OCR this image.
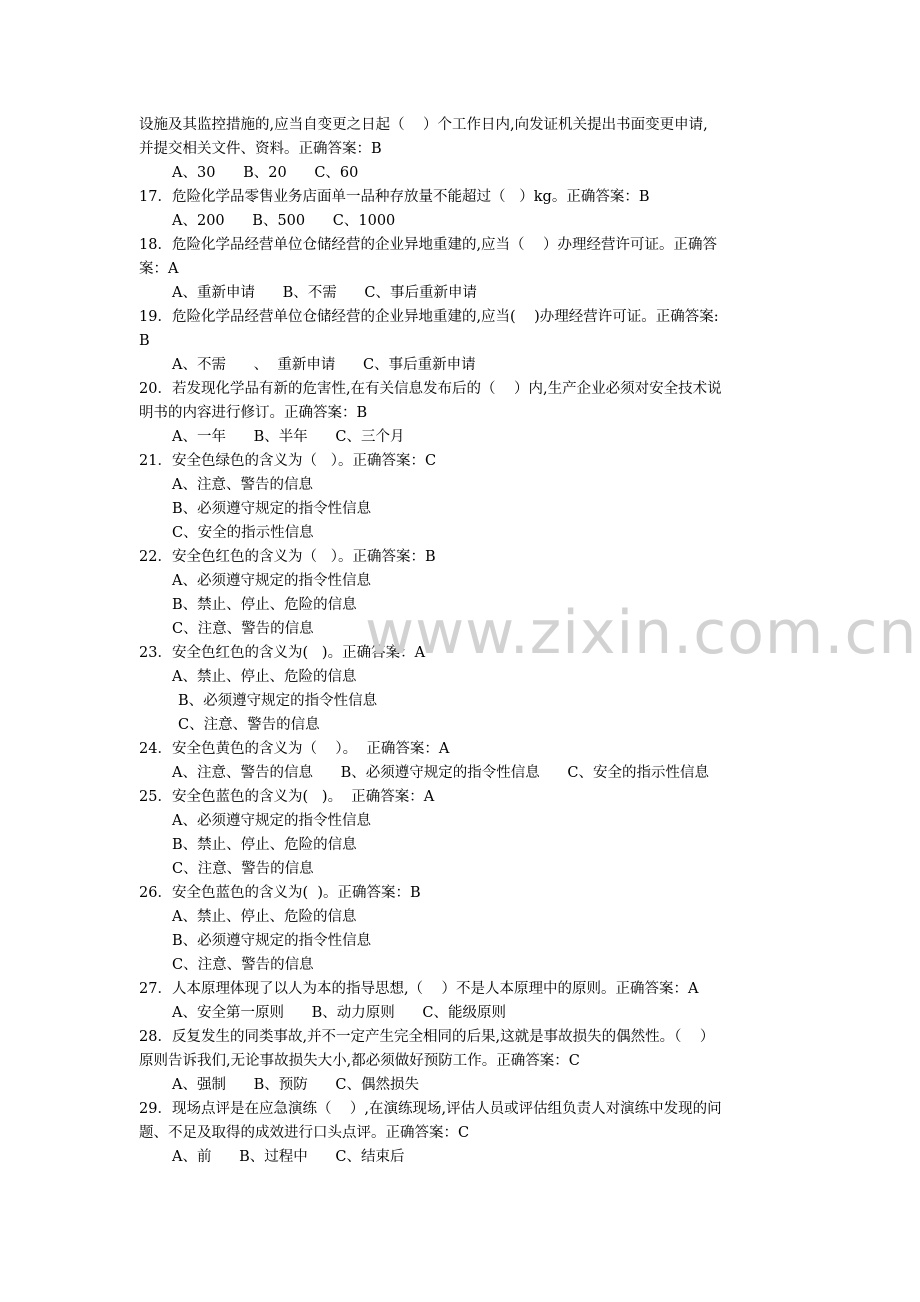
设施及其监控措施的,应当自变更之日起（    ）个工作日内,向发证机关提出书面变更申请,
并提交相关文件、资料。正确答案：B
A、30      B、20      C、60
17．危险化学品零售业务店面单一品种存放量不能超过（   ）kg。正确答案：B
A、200      B、500      C、1000
18．危险化学品经营单位仓储经营的企业异地重建的,应当（    ）办理经营许可证。正确答
案：A
A、重新申请      B、不需      C、事后重新申请
19．危险化学品经营单位仓储经营的企业异地重建的,应当(    )办理经营许可证。正确答案:
B
A、不需      、  重新申请      C、事后重新申请
20．若发现化学品有新的危害性,在有关信息发布后的（    ）内,生产企业必须对安全技术说
明书的内容进行修订。正确答案：B
A、一年      B、半年      C、三个月
21．安全色绿色的含义为（   ）。正确答案：C
A、注意、警告的信息
B、必须遵守规定的指令性信息
C、安全的指示性信息
22．安全色红色的含义为（   ）。正确答案：B
A、必须遵守规定的指令性信息
B、禁止、停止、危险的信息
C、注意、警告的信息
23．安全色红色的含义为(   )。正确答案：A
A、禁止、停止、危险的信息
B、必须遵守规定的指令性信息
C、注意、警告的信息
24．安全色黄色的含义为（    ）。  正确答案：A
A、注意、警告的信息      B、必须遵守规定的指令性信息      C、安全的指示性信息
25．安全色蓝色的含义为(   )。  正确答案：A
A、必须遵守规定的指令性信息
B、禁止、停止、危险的信息
C、注意、警告的信息
26．安全色蓝色的含义为(  )。正确答案：B
A、禁止、停止、危险的信息
B、必须遵守规定的指令性信息
C、注意、警告的信息
27．人本原理体现了以人为本的指导思想,（    ）不是人本原理中的原则。正确答案：A
A、安全第一原则      B、动力原则      C、能级原则
28．反复发生的同类事故,并不一定产生完全相同的后果,这就是事故损失的偶然性。（    ）
原则告诉我们,无论事故损失大小,都必须做好预防工作。正确答案：C
A、强制      B、预防      C、偶然损失
29．现场点评是在应急演练（    ）,在演练现场,评估人员或评估组负责人对演练中发现的问
题、不足及取得的成效进行口头点评。正确答案：C
A、前      B、过程中      C、结束后
www.zixin.com.cn
